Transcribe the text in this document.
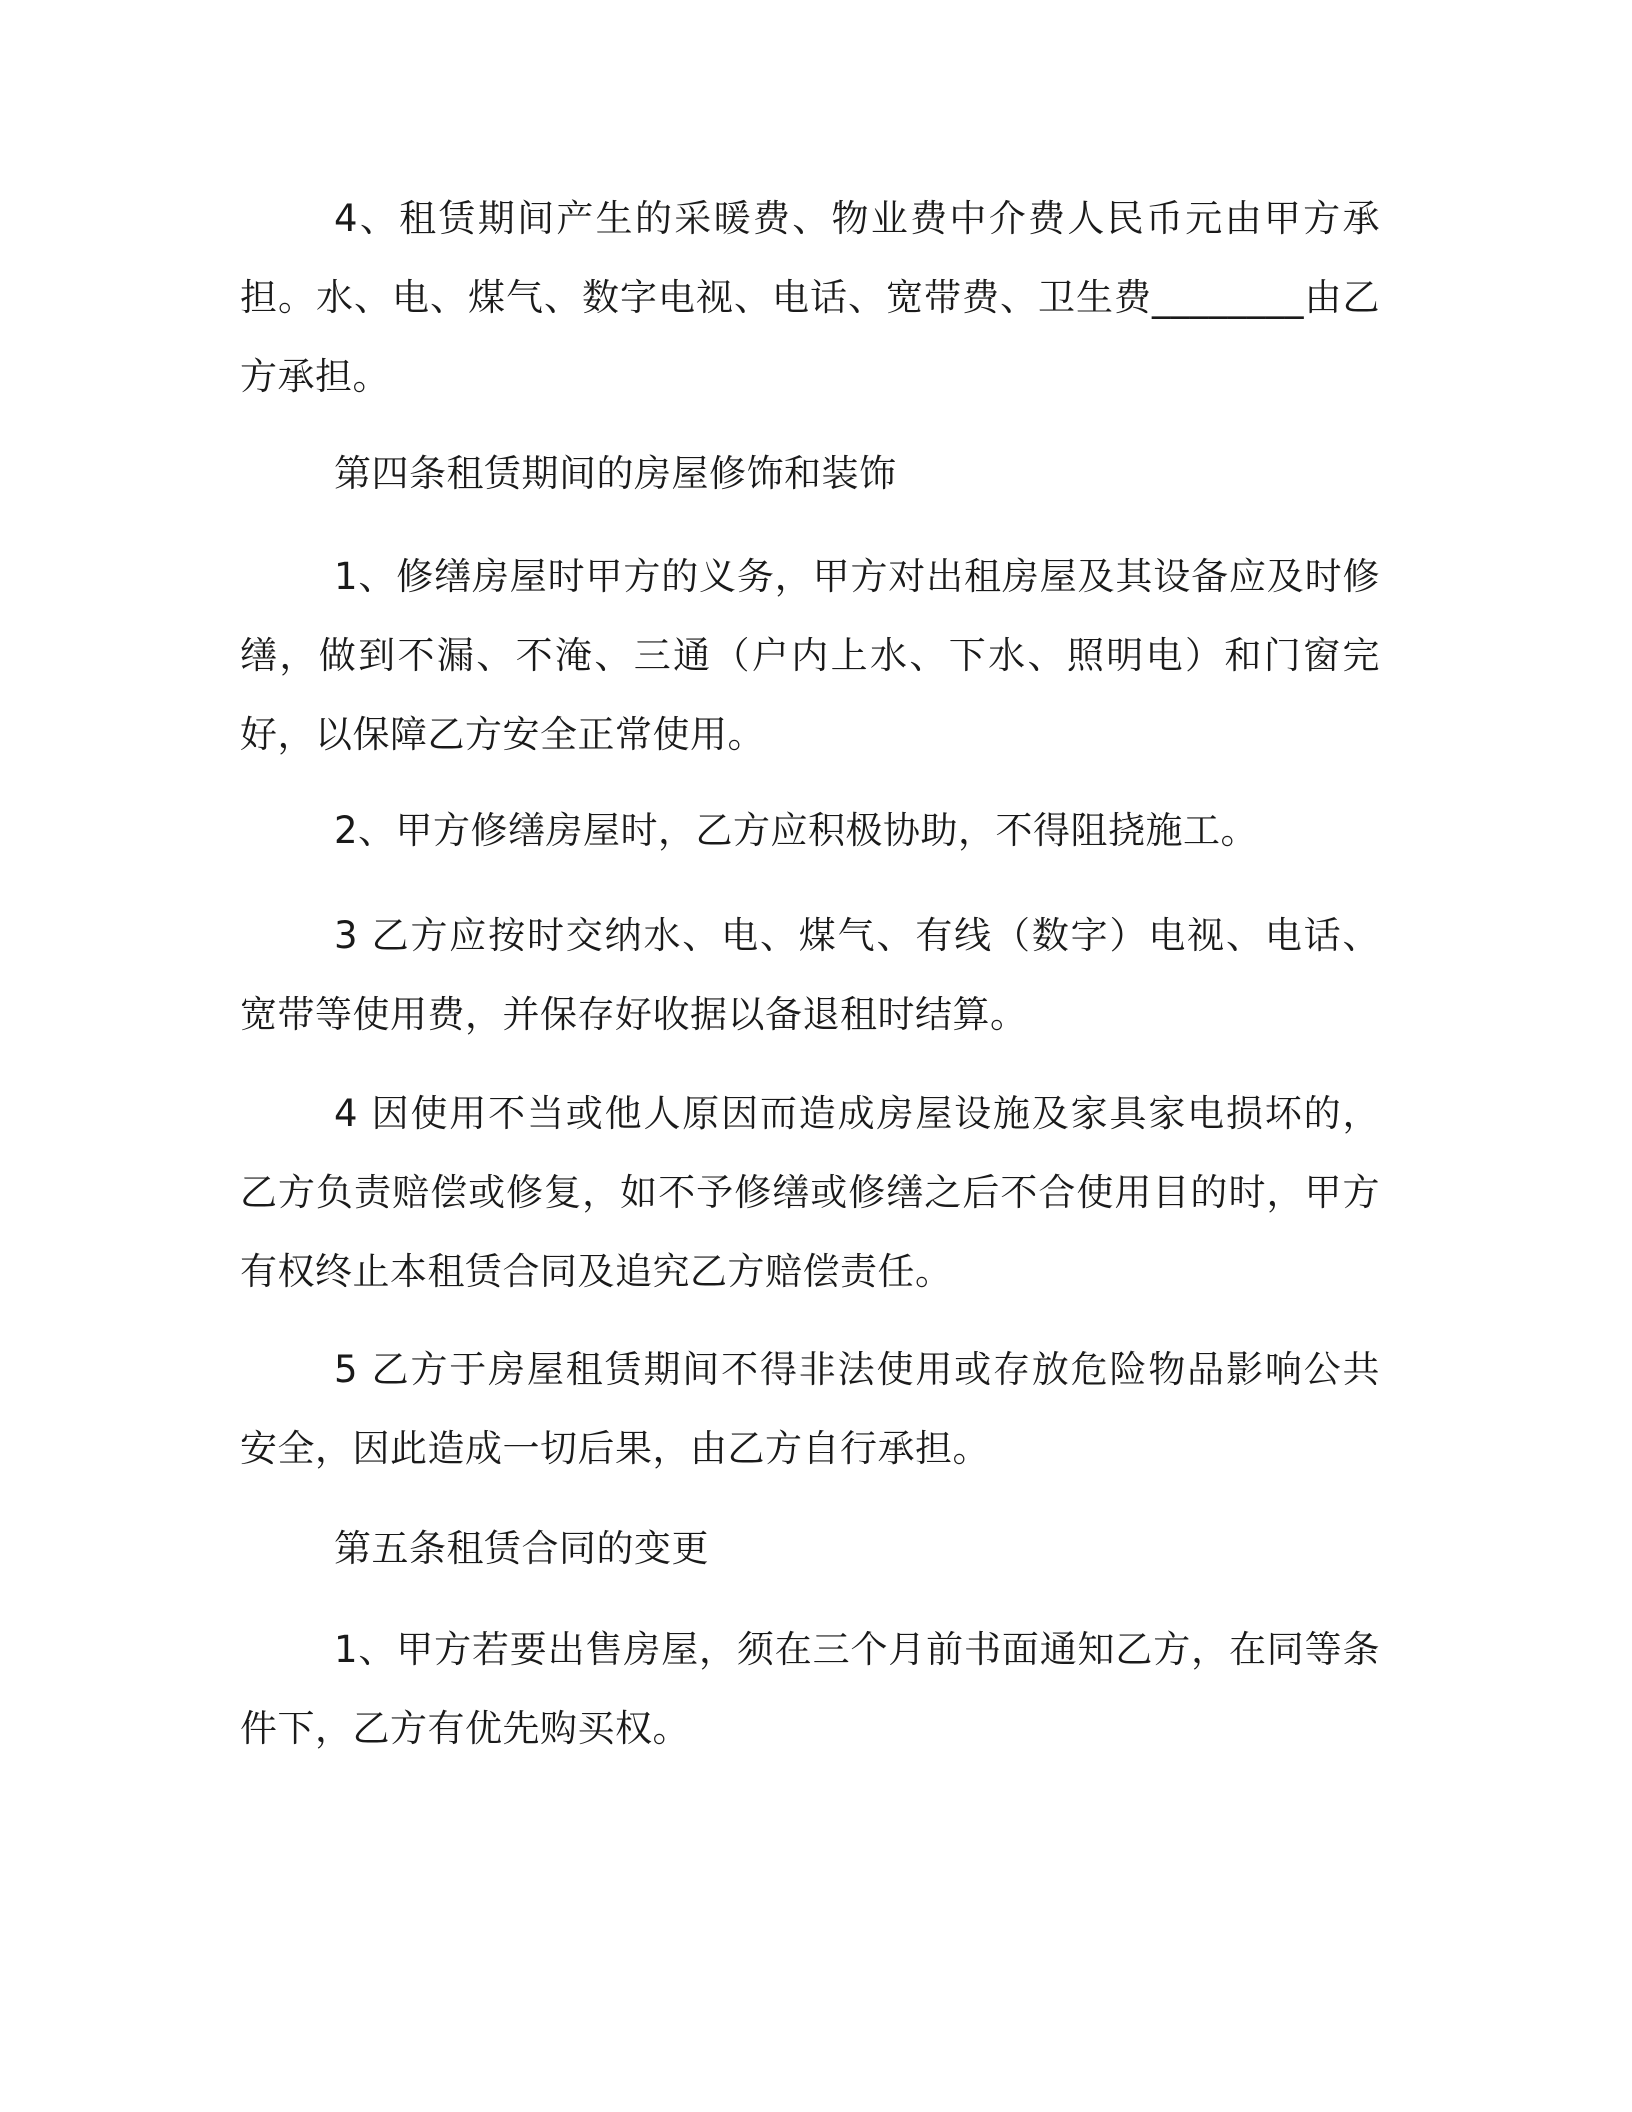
4、租赁期间产生的采暖费、物业费中介费人民币元由甲方承担。水、电、煤气、数字电视、电话、宽带费、卫生费________由乙方承担。

第四条租赁期间的房屋修饰和装饰

1、修缮房屋时甲方的义务，甲方对出租房屋及其设备应及时修缮，做到不漏、不淹、三通（户内上水、下水、照明电）和门窗完好，以保障乙方安全正常使用。

2、甲方修缮房屋时，乙方应积极协助，不得阻挠施工。

3 乙方应按时交纳水、电、煤气、有线（数字）电视、电话、宽带等使用费，并保存好收据以备退租时结算。

4 因使用不当或他人原因而造成房屋设施及家具家电损坏的，乙方负责赔偿或修复，如不予修缮或修缮之后不合使用目的时，甲方有权终止本租赁合同及追究乙方赔偿责任。

5 乙方于房屋租赁期间不得非法使用或存放危险物品影响公共安全，因此造成一切后果，由乙方自行承担。

第五条租赁合同的变更

1、甲方若要出售房屋，须在三个月前书面通知乙方，在同等条件下，乙方有优先购买权。
